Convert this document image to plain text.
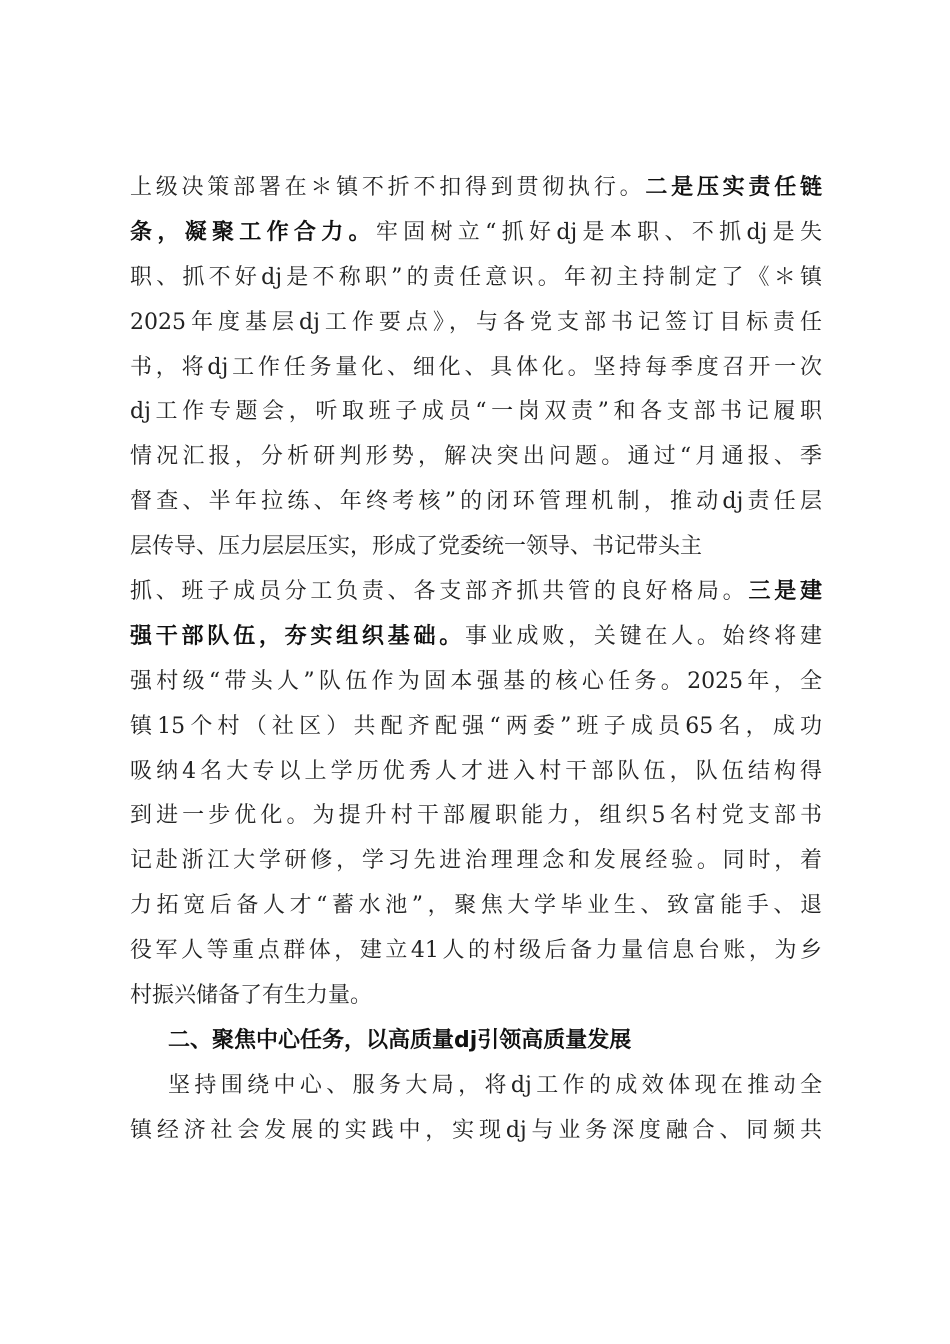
上级决策部署在＊镇不折不扣得到贯彻执行。二是压实责任链
条，凝聚工作合力。牢固树立“抓好dj是本职、不抓dj是失
职、抓不好dj是不称职”的责任意识。年初主持制定了《＊镇
2025年度基层dj工作要点》，与各党支部书记签订目标责任
书，将dj工作任务量化、细化、具体化。坚持每季度召开一次
dj工作专题会，听取班子成员“一岗双责”和各支部书记履职
情况汇报，分析研判形势，解决突出问题。通过“月通报、季
督查、半年拉练、年终考核”的闭环管理机制，推动dj责任层
层传导、压力层层压实，形成了党委统一领导、书记带头主
抓、班子成员分工负责、各支部齐抓共管的良好格局。三是建
强干部队伍，夯实组织基础。事业成败，关键在人。始终将建
强村级“带头人”队伍作为固本强基的核心任务。2025年，全
镇15个村（社区）共配齐配强“两委”班子成员65名，成功
吸纳4名大专以上学历优秀人才进入村干部队伍，队伍结构得
到进一步优化。为提升村干部履职能力，组织5名村党支部书
记赴浙江大学研修，学习先进治理理念和发展经验。同时，着
力拓宽后备人才“蓄水池”，聚焦大学毕业生、致富能手、退
役军人等重点群体，建立41人的村级后备力量信息台账，为乡
村振兴储备了有生力量。
二、聚焦中心任务，以高质量dj引领高质量发展
坚持围绕中心、服务大局，将dj工作的成效体现在推动全
镇经济社会发展的实践中，实现dj与业务深度融合、同频共
